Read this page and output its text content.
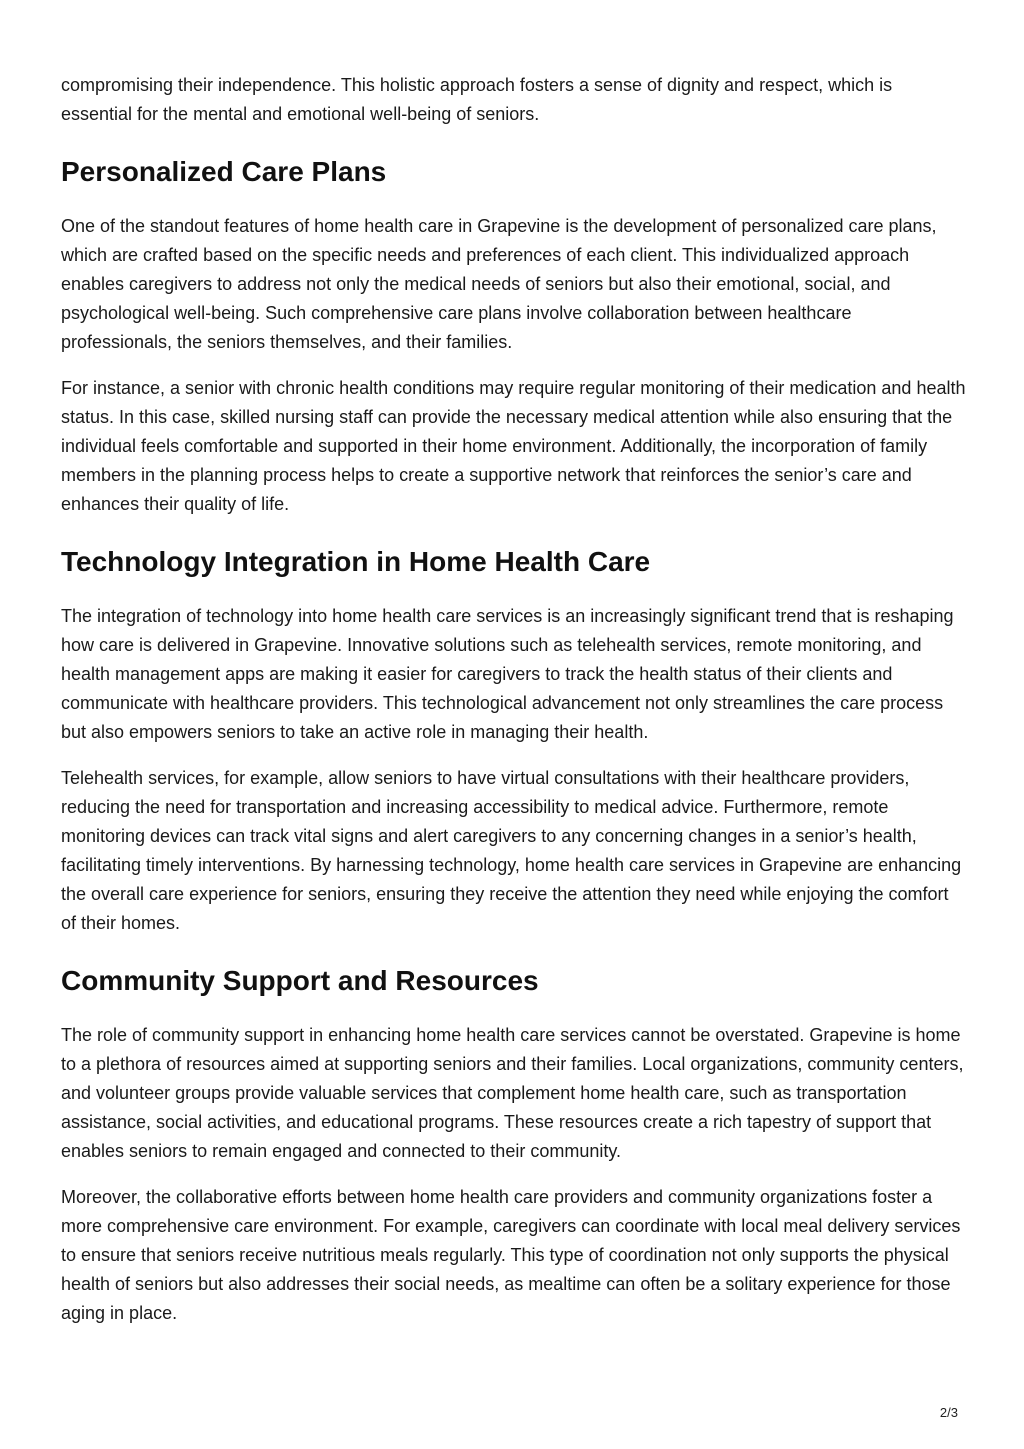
compromising their independence. This holistic approach fosters a sense of dignity and respect, which is essential for the mental and emotional well-being of seniors.

Personalized Care Plans

One of the standout features of home health care in Grapevine is the development of personalized care plans, which are crafted based on the specific needs and preferences of each client. This individualized approach enables caregivers to address not only the medical needs of seniors but also their emotional, social, and psychological well-being. Such comprehensive care plans involve collaboration between healthcare professionals, the seniors themselves, and their families.

For instance, a senior with chronic health conditions may require regular monitoring of their medication and health status. In this case, skilled nursing staff can provide the necessary medical attention while also ensuring that the individual feels comfortable and supported in their home environment. Additionally, the incorporation of family members in the planning process helps to create a supportive network that reinforces the senior’s care and enhances their quality of life.

Technology Integration in Home Health Care

The integration of technology into home health care services is an increasingly significant trend that is reshaping how care is delivered in Grapevine. Innovative solutions such as telehealth services, remote monitoring, and health management apps are making it easier for caregivers to track the health status of their clients and communicate with healthcare providers. This technological advancement not only streamlines the care process but also empowers seniors to take an active role in managing their health.

Telehealth services, for example, allow seniors to have virtual consultations with their healthcare providers, reducing the need for transportation and increasing accessibility to medical advice. Furthermore, remote monitoring devices can track vital signs and alert caregivers to any concerning changes in a senior’s health, facilitating timely interventions. By harnessing technology, home health care services in Grapevine are enhancing the overall care experience for seniors, ensuring they receive the attention they need while enjoying the comfort of their homes.

Community Support and Resources

The role of community support in enhancing home health care services cannot be overstated. Grapevine is home to a plethora of resources aimed at supporting seniors and their families. Local organizations, community centers, and volunteer groups provide valuable services that complement home health care, such as transportation assistance, social activities, and educational programs. These resources create a rich tapestry of support that enables seniors to remain engaged and connected to their community.

Moreover, the collaborative efforts between home health care providers and community organizations foster a more comprehensive care environment. For example, caregivers can coordinate with local meal delivery services to ensure that seniors receive nutritious meals regularly. This type of coordination not only supports the physical health of seniors but also addresses their social needs, as mealtime can often be a solitary experience for those aging in place.

2/3
